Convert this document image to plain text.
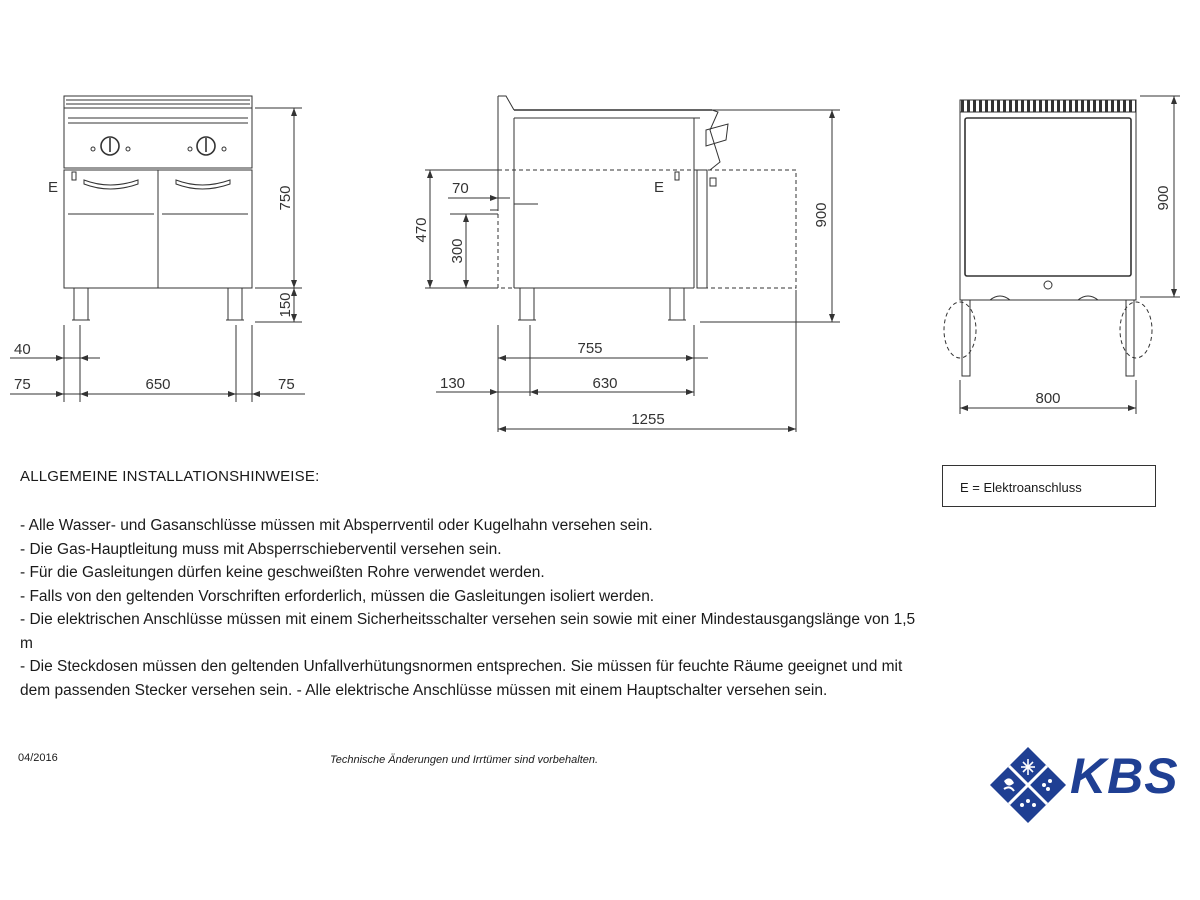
E	750
150
40
75	650	75
E
70
470
300
900
755
130	630
1255
900
800
ALLGEMEINE INSTALLATIONSHINWEISE:
- Alle Wasser- und Gasanschlüsse müssen mit Absperrventil oder Kugelhahn versehen sein.
- Die Gas-Hauptleitung muss mit Absperrschieberventil versehen sein.
- Für die Gasleitungen dürfen keine geschweißten Rohre verwendet werden.
- Falls von den geltenden Vorschriften erforderlich, müssen die Gasleitungen isoliert werden.
- Die elektrischen Anschlüsse müssen mit einem Sicherheitsschalter versehen sein sowie mit einer Mindestausgangslänge von 1,5 m
- Die Steckdosen müssen den geltenden Unfallverhütungsnormen entsprechen. Sie müssen für feuchte Räume geeignet und mit dem passenden Stecker versehen sein. - Alle elektrische Anschlüsse müssen mit einem Hauptschalter versehen sein.
E = Elektroanschluss
04/2016	Technische Änderungen und Irrtümer sind vorbehalten.	KBS
